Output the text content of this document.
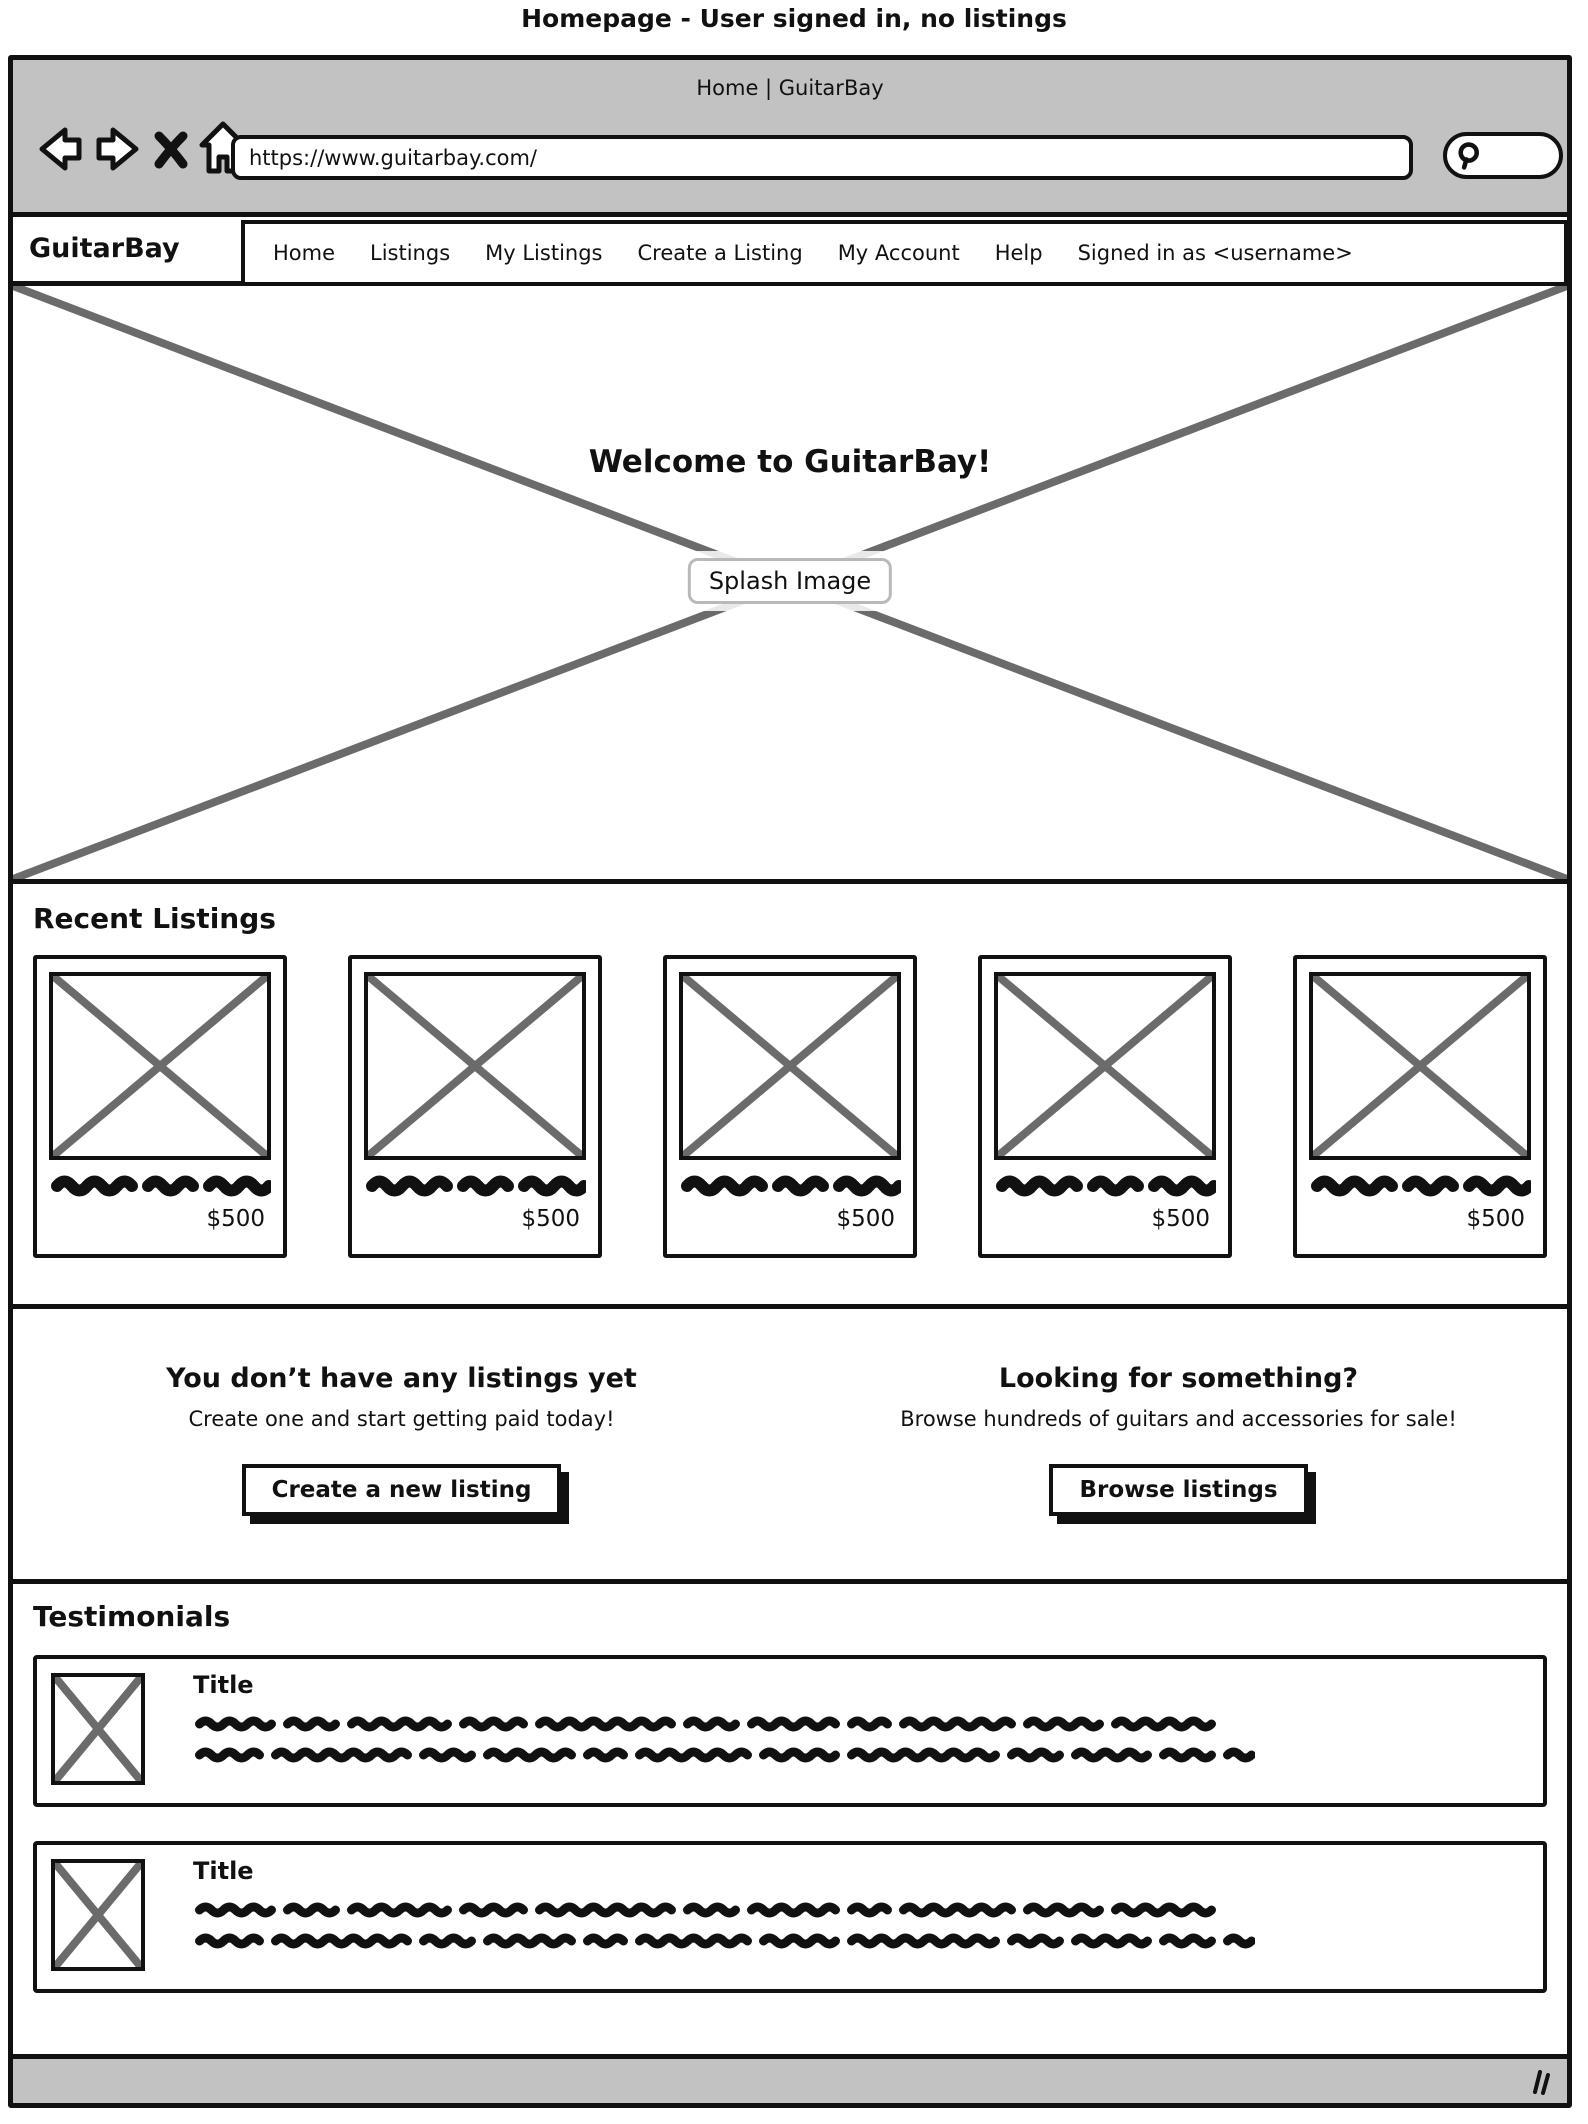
Homepage - User signed in, no listings
Home | GuitarBay
https://www.guitarbay.com/
GuitarBay	Home Listings My Listings Create a Listing My Account Help Signed in as <username>
Welcome to GuitarBay!
Splash Image
Recent Listings
$500	$500	$500	$500	$500
You don’t have any listings yet
Create one and start getting paid today!
Create a new listing
Looking for something?
Browse hundreds of guitars and accessories for sale!
Browse listings
Testimonials
Title
Title
